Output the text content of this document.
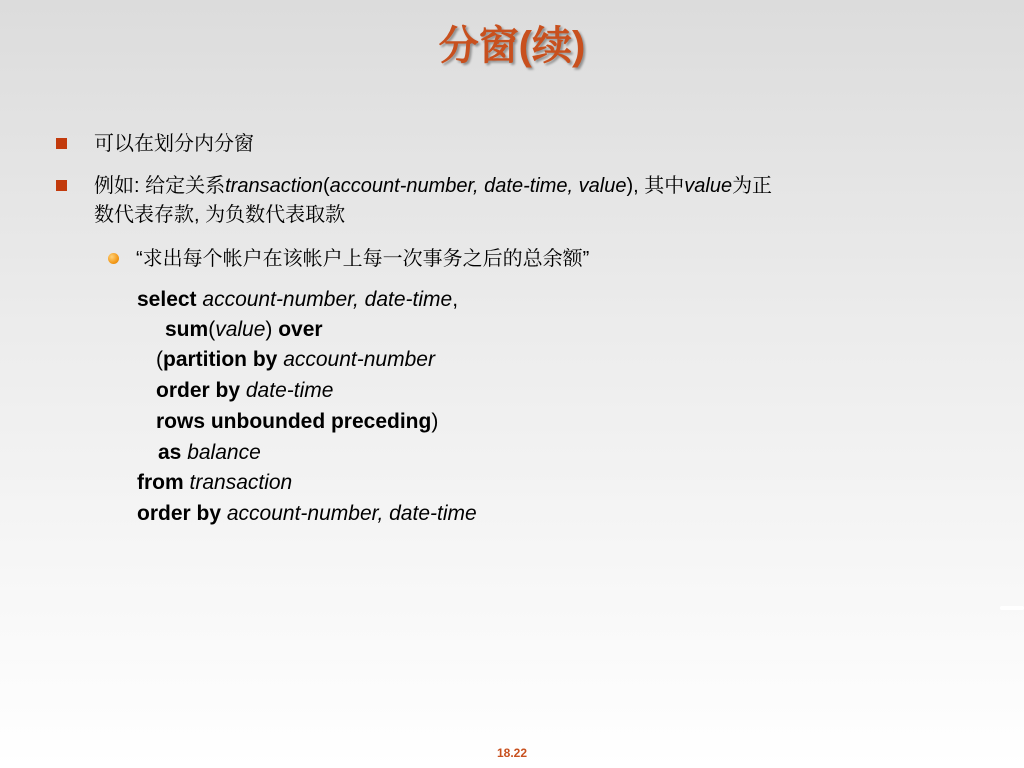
分窗(续)
可以在划分内分窗
例如: 给定关系transaction(account-number, date-time, value), 其中value为正
数代表存款, 为负数代表取款
“求出每个帐户在该帐户上每一次事务之后的总余额”
select account-number, date-time,
sum(value) over
(partition by account-number
order by date-time
rows unbounded preceding)
as balance
from transaction
order by account-number, date-time
18.22
